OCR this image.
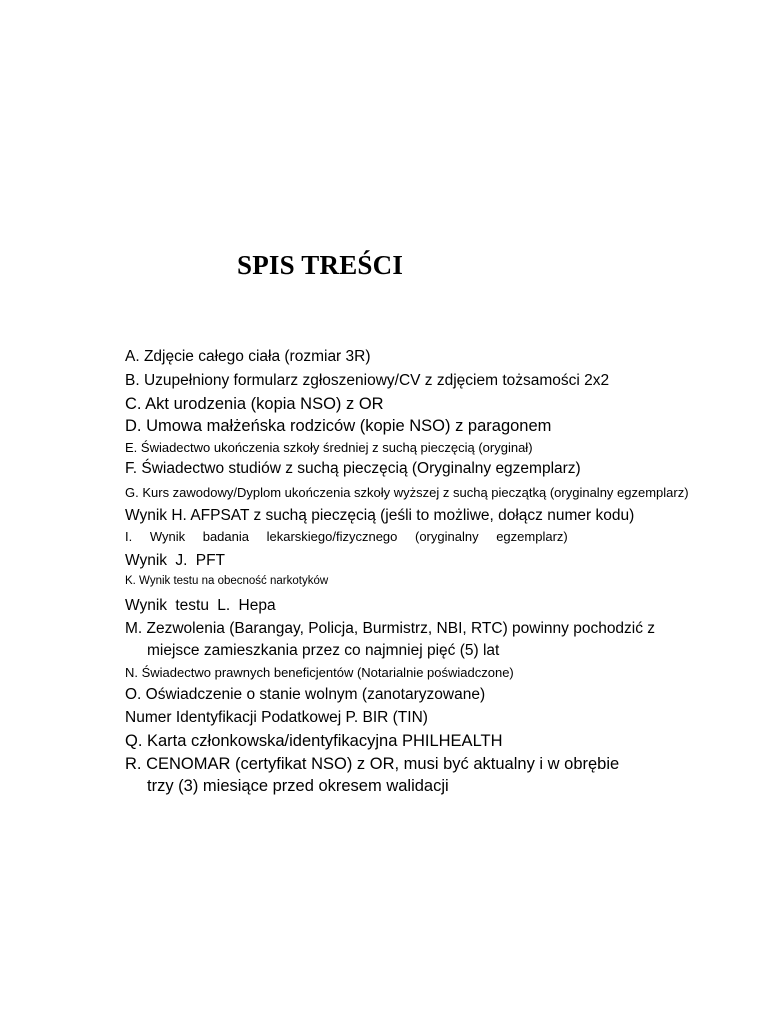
SPIS TREŚCI

A. Zdjęcie całego ciała (rozmiar 3R)

B. Uzupełniony formularz zgłoszeniowy/CV z zdjęciem tożsamości 2x2

C. Akt urodzenia (kopia NSO) z OR

D. Umowa małżeńska rodziców (kopie NSO) z paragonem

E. Świadectwo ukończenia szkoły średniej z suchą pieczęcią (oryginał)

F. Świadectwo studiów z suchą pieczęcią (Oryginalny egzemplarz)

G. Kurs zawodowy/Dyplom ukończenia szkoły wyższej z suchą pieczątką (oryginalny egzemplarz)

Wynik H. AFPSAT z suchą pieczęcią (jeśli to możliwe, dołącz numer kodu)

I. Wynik badania lekarskiego/fizycznego (oryginalny egzemplarz)

Wynik J. PFT

K. Wynik testu na obecność narkotyków

Wynik testu L. Hepa

M. Zezwolenia (Barangay, Policja, Burmistrz, NBI, RTC) powinny pochodzić z

miejsce zamieszkania przez co najmniej pięć (5) lat

N. Świadectwo prawnych beneficjentów (Notarialnie poświadczone)

O. Oświadczenie o stanie wolnym (zanotaryzowane)

Numer Identyfikacji Podatkowej P. BIR (TIN)

Q. Karta członkowska/identyfikacyjna PHILHEALTH

R. CENOMAR (certyfikat NSO) z OR, musi być aktualny i w obrębie

trzy (3) miesiące przed okresem walidacji
